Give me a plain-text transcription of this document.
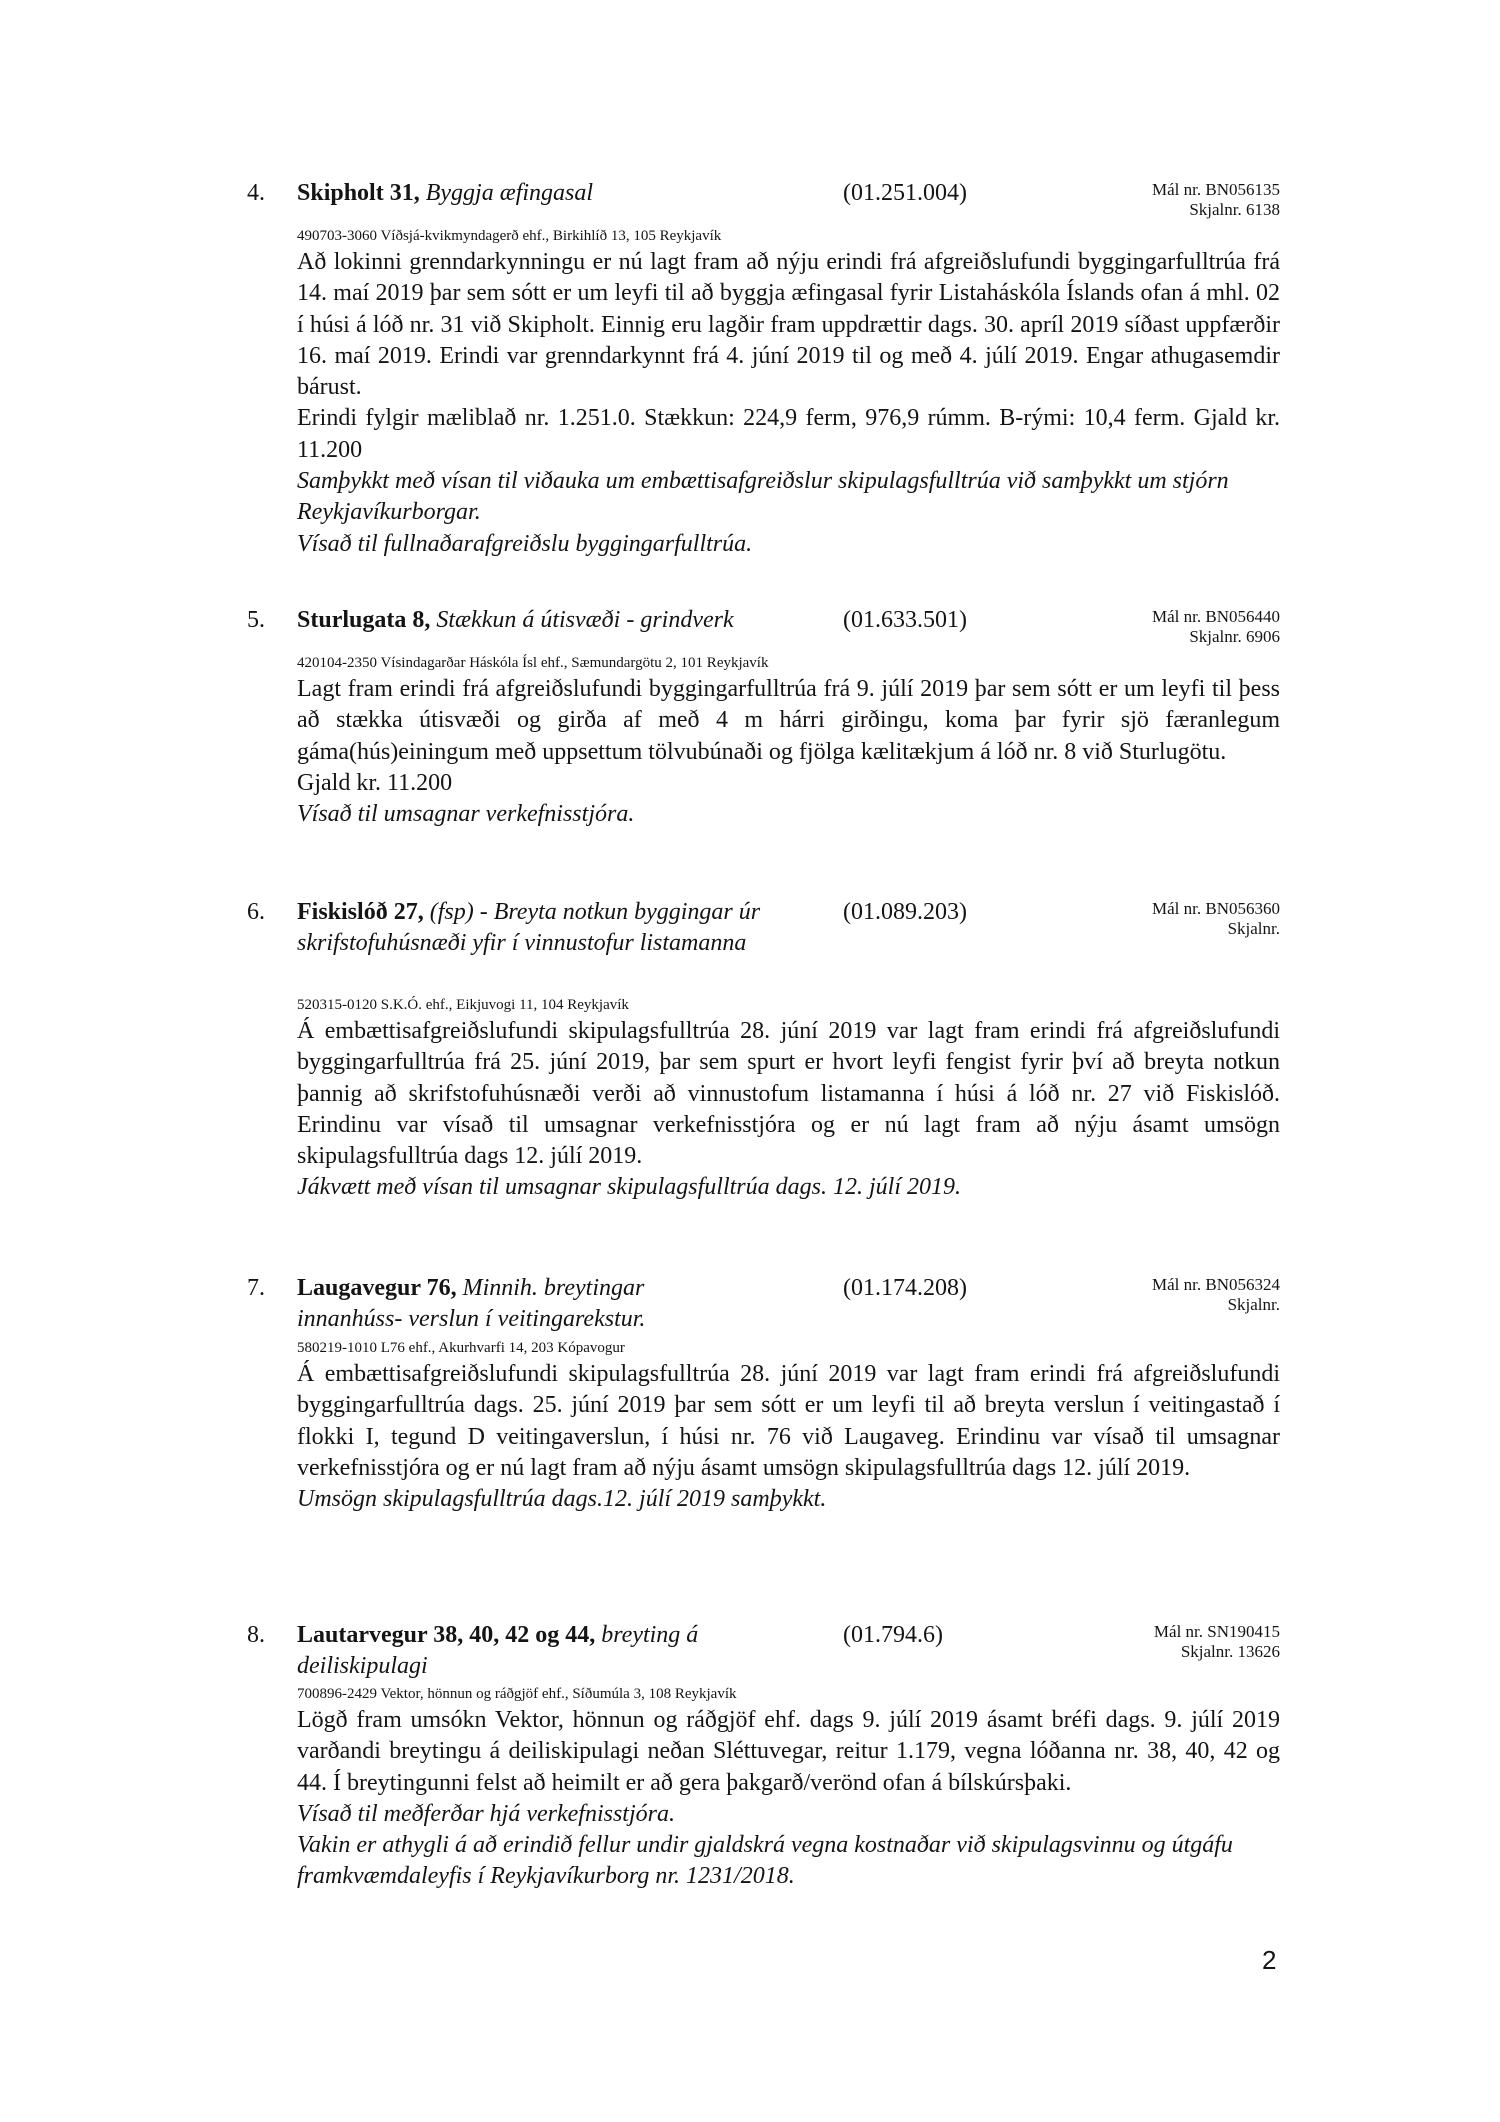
4. Skipholt 31, Byggja æfingasal	(01.251.004)	Mál nr. BN056135
Skjalnr. 6138
490703-3060 Víðsjá-kvikmyndagerð ehf., Birkihlíð 13, 105 Reykjavík

Að lokinni grenndarkynningu er nú lagt fram að nýju erindi frá afgreiðslufundi byggingarfulltrúa frá 14. maí 2019 þar sem sótt er um leyfi til að byggja æfingasal fyrir Listaháskóla Íslands ofan á mhl. 02 í húsi á lóð nr. 31 við Skipholt. Einnig eru lagðir fram uppdrættir dags. 30. apríl 2019 síðast uppfærðir 16. maí 2019. Erindi var grenndarkynnt frá 4. júní 2019 til og með 4. júlí 2019. Engar athugasemdir bárust.

Erindi fylgir mæliblað nr. 1.251.0. Stækkun: 224,9 ferm, 976,9 rúmm. B-rými: 10,4 ferm. Gjald kr. 11.200

Samþykkt með vísan til viðauka um embættisafgreiðslur skipulagsfulltrúa við samþykkt um stjórn Reykjavíkurborgar.

Vísað til fullnaðarafgreiðslu byggingarfulltrúa.

5. Sturlugata 8, Stækkun á útisvæði - grindverk	(01.633.501)	Mál nr. BN056440
Skjalnr. 6906
420104-2350 Vísindagarðar Háskóla Ísl ehf., Sæmundargötu 2, 101 Reykjavík

Lagt fram erindi frá afgreiðslufundi byggingarfulltrúa frá 9. júlí 2019 þar sem sótt er um leyfi til þess að stækka útisvæði og girða af með 4 m hárri girðingu, koma þar fyrir sjö færanlegum gáma(hús)einingum með uppsettum tölvubúnaði og fjölga kælitækjum á lóð nr. 8 við Sturlugötu.

Gjald kr. 11.200

Vísað til umsagnar verkefnisstjóra.

6. Fiskislóð 27, (fsp) - Breyta notkun byggingar úr skrifstofuhúsnæði yfir í vinnustofur listamanna
(01.089.203)	Mál nr. BN056360
Skjalnr.
520315-0120 S.K.Ó. ehf., Eikjuvogi 11, 104 Reykjavík

Á embættisafgreiðslufundi skipulagsfulltrúa 28. júní 2019 var lagt fram erindi frá afgreiðslufundi byggingarfulltrúa frá 25. júní 2019, þar sem spurt er hvort leyfi fengist fyrir því að breyta notkun þannig að skrifstofuhúsnæði verði að vinnustofum listamanna í húsi á lóð nr. 27 við Fiskislóð. Erindinu var vísað til umsagnar verkefnisstjóra og er nú lagt fram að nýju ásamt umsögn skipulagsfulltrúa dags 12. júlí 2019.

Jákvætt með vísan til umsagnar skipulagsfulltrúa dags. 12. júlí 2019.

7. Laugavegur 76, Minnih. breytingar innanhúss- verslun í veitingarekstur.
(01.174.208)	Mál nr. BN056324
Skjalnr.
580219-1010 L76 ehf., Akurhvarfi 14, 203 Kópavogur

Á embættisafgreiðslufundi skipulagsfulltrúa 28. júní 2019 var lagt fram erindi frá afgreiðslufundi byggingarfulltrúa dags. 25. júní 2019 þar sem sótt er um leyfi til að breyta verslun í veitingastað í flokki I, tegund D veitingaverslun, í húsi nr. 76 við Laugaveg. Erindinu var vísað til umsagnar verkefnisstjóra og er nú lagt fram að nýju ásamt umsögn skipulagsfulltrúa dags 12. júlí 2019.

Umsögn skipulagsfulltrúa dags.12. júlí 2019 samþykkt.

8. Lautarvegur 38, 40, 42 og 44, breyting á deiliskipulagi
(01.794.6)	Mál nr. SN190415
Skjalnr. 13626
700896-2429 Vektor, hönnun og ráðgjöf ehf., Síðumúla 3, 108 Reykjavík

Lögð fram umsókn Vektor, hönnun og ráðgjöf ehf. dags 9. júlí 2019 ásamt bréfi dags. 9. júlí 2019 varðandi breytingu á deiliskipulagi neðan Sléttuvegar, reitur 1.179, vegna lóðanna nr. 38, 40, 42 og 44. Í breytingunni felst að heimilt er að gera þakgarð/verönd ofan á bílskúrsþaki.

Vísað til meðferðar hjá verkefnisstjóra.

Vakin er athygli á að erindið fellur undir gjaldskrá vegna kostnaðar við skipulagsvinnu og útgáfu framkvæmdaleyfis í Reykjavíkurborg nr. 1231/2018.

2
